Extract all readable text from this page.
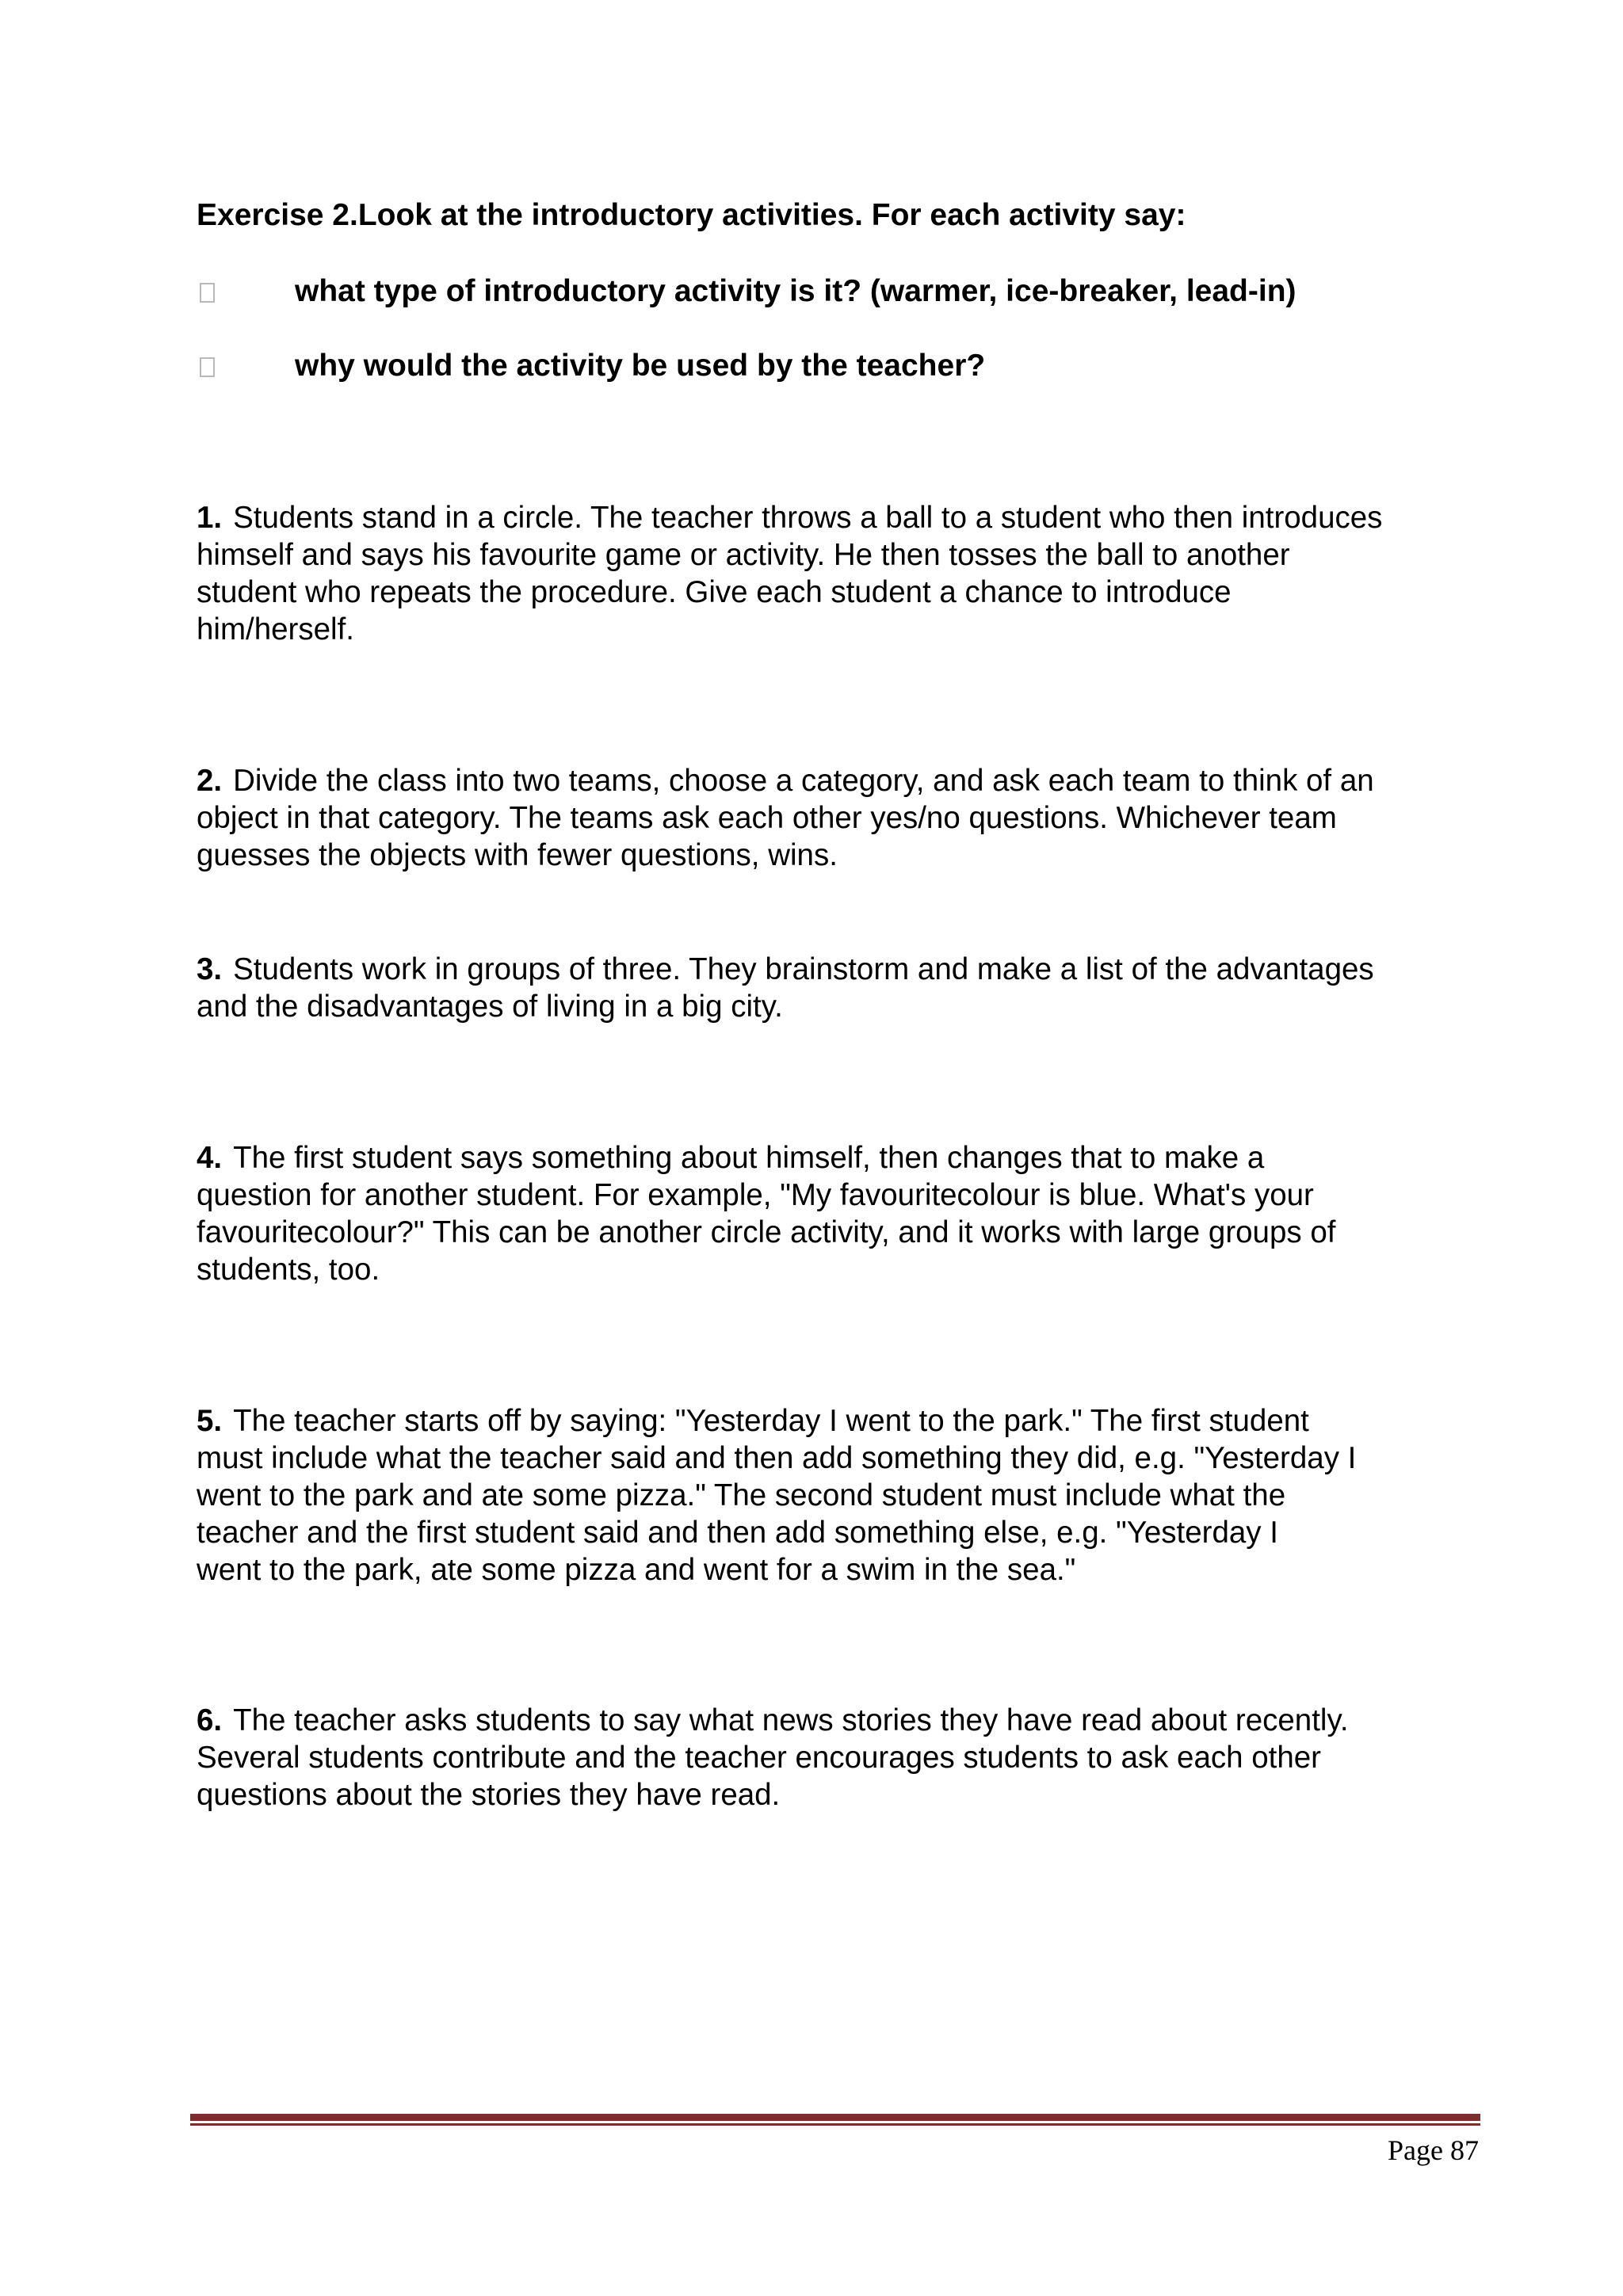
Exercise 2.Look at the introductory activities. For each activity say:
what type of introductory activity is it? (warmer, ice-breaker, lead-in)
why would the activity be used by the teacher?

1. Students stand in a circle. The teacher throws a ball to a student who then introduces
himself and says his favourite game or activity. He then tosses the ball to another
student who repeats the procedure. Give each student a chance to introduce
him/herself.

2. Divide the class into two teams, choose a category, and ask each team to think of an
object in that category. The teams ask each other yes/no questions. Whichever team
guesses the objects with fewer questions, wins.

3. Students work in groups of three. They brainstorm and make a list of the advantages
and the disadvantages of living in a big city.

4. The first student says something about himself, then changes that to make a
question for another student. For example, "My favouritecolour is blue. What's your
favouritecolour?" This can be another circle activity, and it works with large groups of
students, too.

5. The teacher starts off by saying: "Yesterday I went to the park." The first student
must include what the teacher said and then add something they did, e.g. "Yesterday I
went to the park and ate some pizza." The second student must include what the
teacher and the first student said and then add something else, e.g. "Yesterday I
went to the park, ate some pizza and went for a swim in the sea."

6. The teacher asks students to say what news stories they have read about recently.
Several students contribute and the teacher encourages students to ask each other
questions about the stories they have read.

Page 87
